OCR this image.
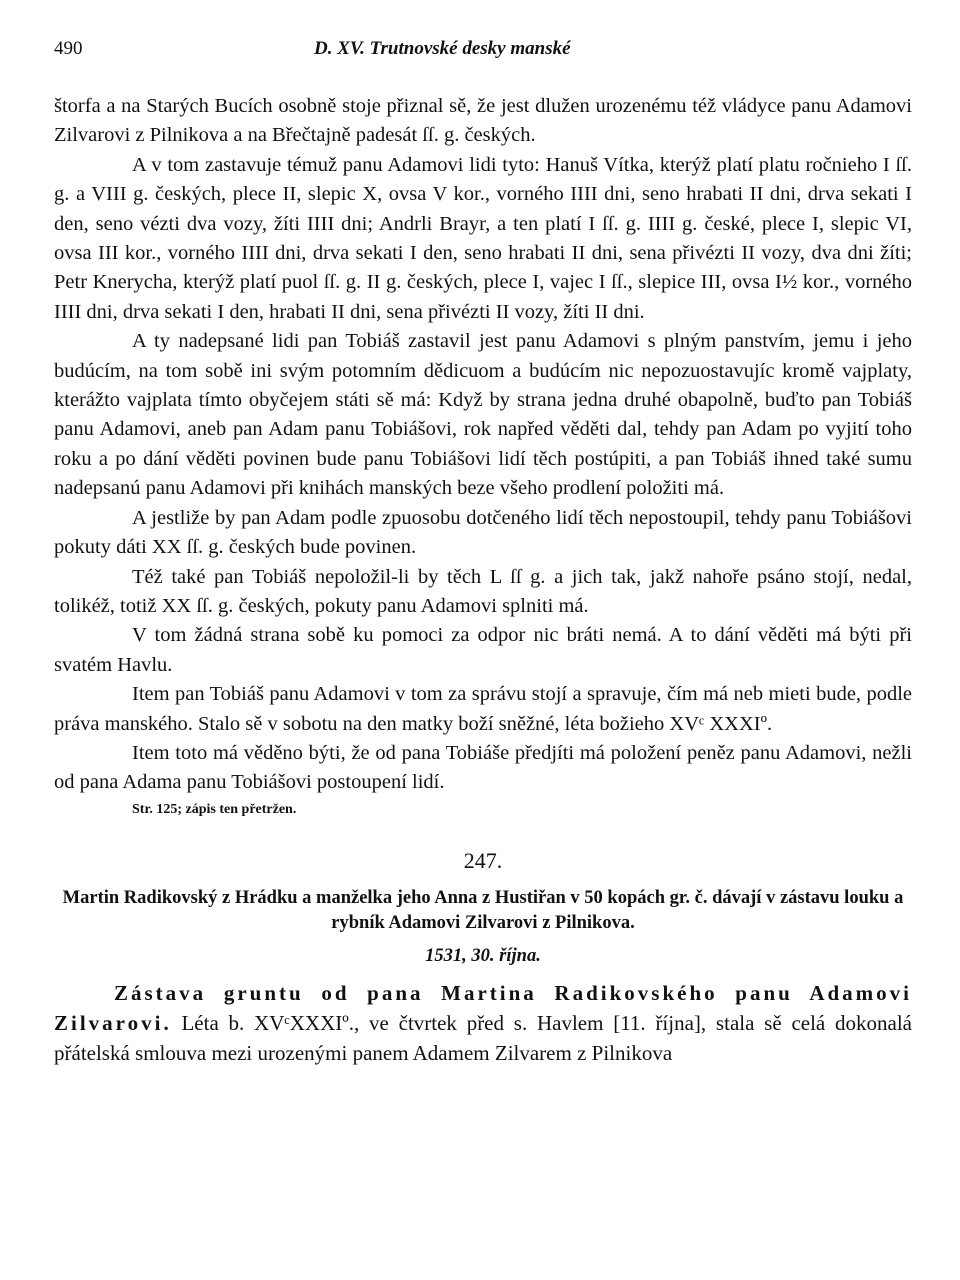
490	D. XV. Trutnovské desky manské

štorfa a na Starých Bucích osobně stoje přiznal sě, že jest dlužen urozenému též vládyce panu Adamovi Zilvarovi z Pilnikova a na Břečtajně padesát ſſ. g. českých.

A v tom zastavuje témuž panu Adamovi lidi tyto: Hanuš Vítka, kterýž platí platu ročnieho I ſſ. g. a VIII g. českých, plece II, slepic X, ovsa V kor., vorného IIII dni, seno hrabati II dni, drva sekati I den, seno vézti dva vozy, žíti IIII dni; Andrli Brayr, a ten platí I ſſ. g. IIII g. české, plece I, slepic VI, ovsa III kor., vorného IIII dni, drva sekati I den, seno hrabati II dni, sena přivézti II vozy, dva dni žíti; Petr Knerycha, kterýž platí puol ſſ. g. II g. českých, plece I, vajec I ſſ., slepice III, ovsa I½ kor., vorného IIII dni, drva sekati I den, hrabati II dni, sena přivézti II vozy, žíti II dni.

A ty nadepsané lidi pan Tobiáš zastavil jest panu Adamovi s plným panstvím, jemu i jeho budúcím, na tom sobě ini svým potomním dědicuom a budúcím nic nepozuostavujíc kromě vajplaty, kterážto vajplata tímto obyčejem státi sě má: Když by strana jedna druhé obapolně, buďto pan Tobiáš panu Adamovi, aneb pan Adam panu Tobiášovi, rok napřed věděti dal, tehdy pan Adam po vyjití toho roku a po dání věděti povinen bude panu Tobiášovi lidí těch postúpiti, a pan Tobiáš ihned také sumu nadepsanú panu Adamovi při knihách manských beze všeho prodlení položiti má.

A jestliže by pan Adam podle zpuosobu dotčeného lidí těch nepostoupil, tehdy panu Tobiášovi pokuty dáti XX ſſ. g. českých bude povinen.

Též také pan Tobiáš nepoložil-li by těch L ſſ g. a jich tak, jakž nahoře psáno stojí, nedal, tolikéž, totiž XX ſſ. g. českých, pokuty panu Adamovi splniti má.

V tom žádná strana sobě ku pomoci za odpor nic bráti nemá. A to dání věděti má býti při svatém Havlu.

Item pan Tobiáš panu Adamovi v tom za správu stojí a spravuje, čím má neb mieti bude, podle práva manského. Stalo sě v sobotu na den matky boží sněžné, léta božieho XVᶜ XXXIº.

Item toto má věděno býti, že od pana Tobiáše předjíti má položení peněz panu Adamovi, nežli od pana Adama panu Tobiášovi postoupení lidí.

Str. 125; zápis ten přetržen.
247.
Martin Radikovský z Hrádku a manželka jeho Anna z Hustiřan v 50 kopách gr. č. dávají v zástavu louku a rybník Adamovi Zilvarovi z Pilnikova.
1531, 30. října.
Zástava gruntu od pana Martina Radikovského panu Adamovi Zilvarovi. Léta b. XVᶜXXXIº., ve čtvrtek před s. Havlem [11. října], stala sě celá dokonalá přátelská smlouva mezi urozenými panem Adamem Zilvarem z Pilnikova
